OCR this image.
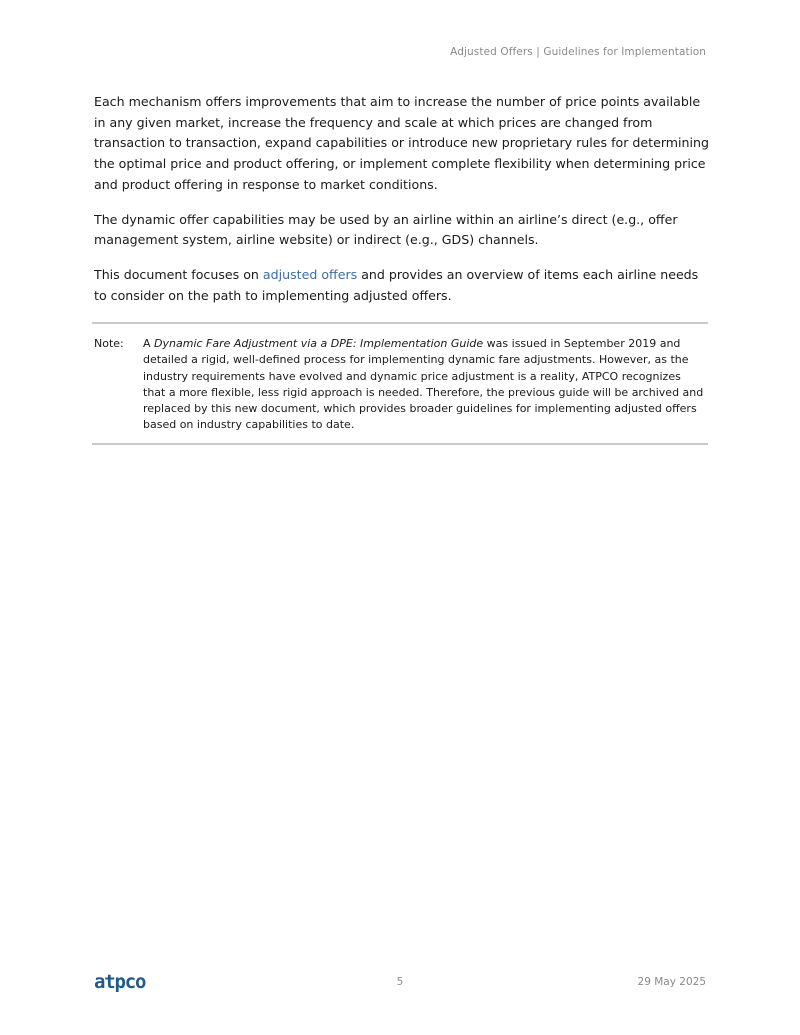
Adjusted Offers | Guidelines for Implementation

Each mechanism offers improvements that aim to increase the number of price points available in any given market, increase the frequency and scale at which prices are changed from transaction to transaction, expand capabilities or introduce new proprietary rules for determining the optimal price and product offering, or implement complete flexibility when determining price and product offering in response to market conditions.

The dynamic offer capabilities may be used by an airline within an airline’s direct (e.g., offer management system, airline website) or indirect (e.g., GDS) channels.

This document focuses on adjusted offers and provides an overview of items each airline needs to consider on the path to implementing adjusted offers.

Note:	A Dynamic Fare Adjustment via a DPE: Implementation Guide was issued in September 2019 and detailed a rigid, well-defined process for implementing dynamic fare adjustments. However, as the industry requirements have evolved and dynamic price adjustment is a reality, ATPCO recognizes that a more flexible, less rigid approach is needed. Therefore, the previous guide will be archived and replaced by this new document, which provides broader guidelines for implementing adjusted offers based on industry capabilities to date.
atpco	5	29 May 2025
